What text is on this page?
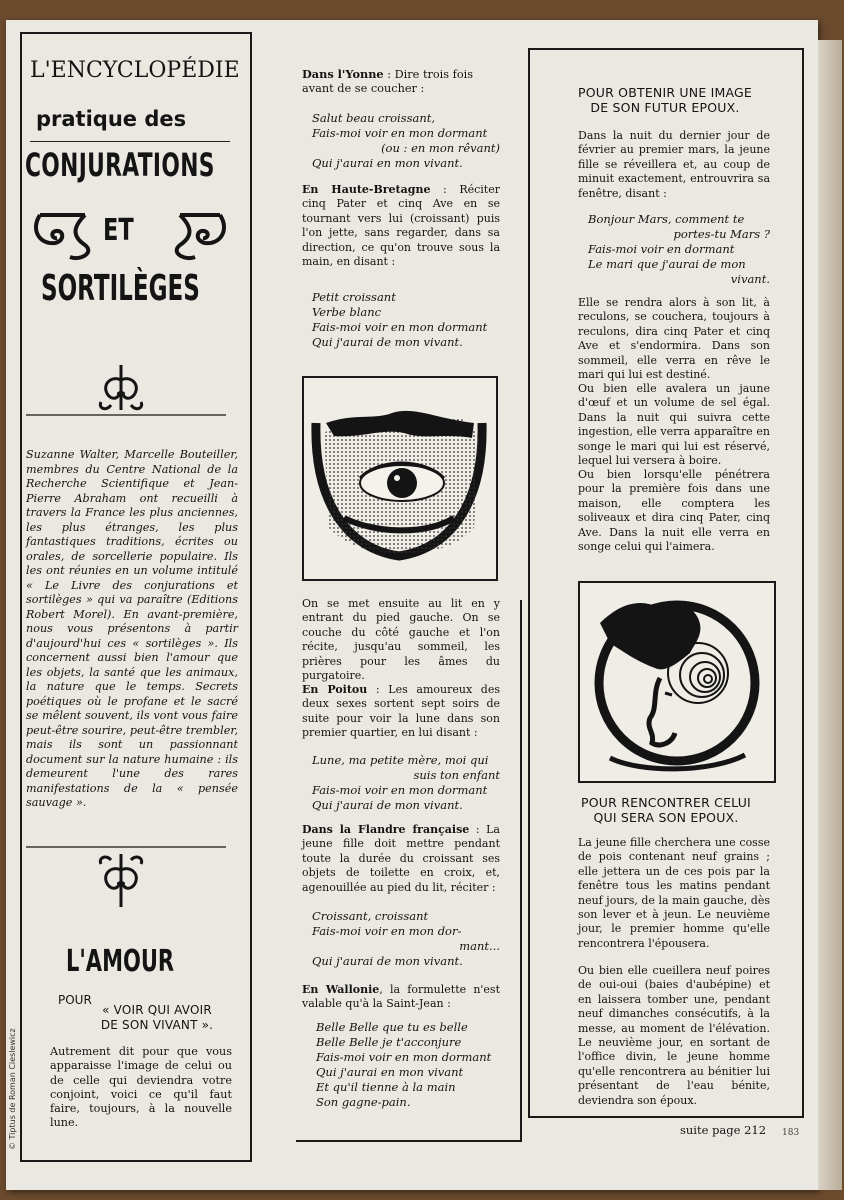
L'ENCYCLOPÉDIE
pratique des
CONJURATIONS
ET
SORTILÈGES
Suzanne Walter, Marcelle Bouteiller, membres du Centre National de la Recherche Scientifique et Jean-Pierre Abraham ont recueilli à travers la France les plus anciennes, les plus étranges, les plus fantastiques traditions, écrites ou orales, de sorcellerie populaire. Ils les ont réunies en un volume intitulé « Le Livre des conjurations et sortilèges » qui va paraître (Editions Robert Morel). En avant-première, nous vous présentons à partir d'aujourd'hui ces « sortilèges ». Ils concernent aussi bien l'amour que les objets, la santé que les animaux, la nature que le temps. Secrets poétiques où le profane et le sacré se mêlent souvent, ils vont vous faire peut-être sourire, peut-être trembler, mais ils sont un passionnant document sur la nature humaine : ils demeurent l'une des rares manifestations de la « pensée sauvage ».
L'AMOUR
POUR
« VOIR QUI AVOIR DE SON VIVANT ».
Autrement dit pour que vous apparaisse l'image de celui ou de celle qui deviendra votre conjoint, voici ce qu'il faut faire, toujours, à la nouvelle lune.
© Tiptus de Roman Cieslewicz
Dans l'Yonne : Dire trois fois avant de se coucher :
Salut beau croissant,
Fais-moi voir en mon dormant
(ou : en mon rêvant)
Qui j'aurai en mon vivant.
En Haute-Bretagne : Réciter cinq Pater et cinq Ave en se tournant vers lui (croissant) puis l'on jette, sans regarder, dans sa direction, ce qu'on trouve sous la main, en disant :
Petit croissant
Verbe blanc
Fais-moi voir en mon dormant
Qui j'aurai de mon vivant.
On se met ensuite au lit en y entrant du pied gauche. On se couche du côté gauche et l'on récite, jusqu'au sommeil, les prières pour les âmes du purgatoire.
En Poitou : Les amoureux des deux sexes sortent sept soirs de suite pour voir la lune dans son premier quartier, en lui disant :
Lune, ma petite mère, moi qui
suis ton enfant
Fais-moi voir en mon dormant
Qui j'aurai de mon vivant.
Dans la Flandre française : La jeune fille doit mettre pendant toute la durée du croissant ses objets de toilette en croix, et, agenouillée au pied du lit, réciter :
Croissant, croissant
Fais-moi voir en mon dor-
mant...
Qui j'aurai de mon vivant.
En Wallonie, la formulette n'est valable qu'à la Saint-Jean :
Belle Belle que tu es belle
Belle Belle je t'acconjure
Fais-moi voir en mon dormant
Qui j'aurai en mon vivant
Et qu'il tienne à la main
Son gagne-pain.
POUR OBTENIR UNE IMAGE DE SON FUTUR EPOUX.
Dans la nuit du dernier jour de février au premier mars, la jeune fille se réveillera et, au coup de minuit exactement, entrouvrira sa fenêtre, disant :
Bonjour Mars, comment te
portes-tu Mars ?
Fais-moi voir en dormant
Le mari que j'aurai de mon
vivant.
Elle se rendra alors à son lit, à reculons, se couchera, toujours à reculons, dira cinq Pater et cinq Ave et s'endormira. Dans son sommeil, elle verra en rêve le mari qui lui est destiné.
Ou bien elle avalera un jaune d'œuf et un volume de sel égal. Dans la nuit qui suivra cette ingestion, elle verra apparaître en songe le mari qui lui est réservé, lequel lui versera à boire.
Ou bien lorsqu'elle pénétrera pour la première fois dans une maison, elle comptera les soliveaux et dira cinq Pater, cinq Ave. Dans la nuit elle verra en songe celui qui l'aimera.
POUR RENCONTRER CELUI QUI SERA SON EPOUX.
La jeune fille cherchera une cosse de pois contenant neuf grains ; elle jettera un de ces pois par la fenêtre tous les matins pendant neuf jours, de la main gauche, dès son lever et à jeun. Le neuvième jour, le premier homme qu'elle rencontrera l'épousera.
Ou bien elle cueillera neuf poires de oui-oui (baies d'aubépine) et en laissera tomber une, pendant neuf dimanches consécutifs, à la messe, au moment de l'élévation. Le neuvième jour, en sortant de l'office divin, le jeune homme qu'elle rencontrera au bénitier lui présentant de l'eau bénite, deviendra son époux.
suite page 212 183
